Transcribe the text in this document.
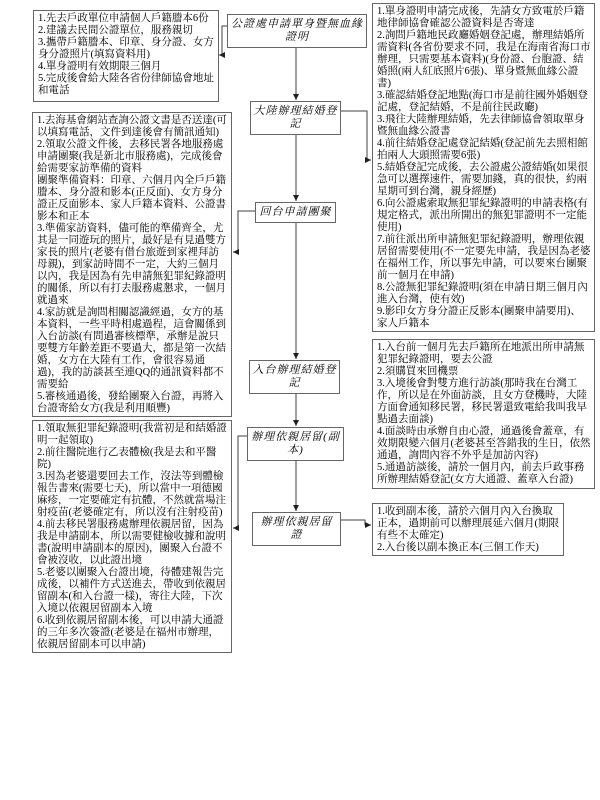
公證處申請單身暨無血緣證明
大陸辦理結婚登記
回台申請團聚
入台辦理結婚登記
辦理依親居留(副本)
辦理依親居留證
1.先去戶政單位申請個人戶籍謄本6份
2.建議去民間公證單位，服務親切
3.攜帶戶籍謄本、印章、身分證、女方身分證照片(填寫資料用)
4.單身證明有效期限三個月
5.完成後會給大陸各省份律師協會地址和電話
1.去海基會網站查詢公證文書是否送達(可以填寫電話，文件到達後會有簡訊通知)
2.領取公證文件後，去移民署各地服務處申請團聚(我是新北市服務處)，完成後會給需要家訪準備的資料
團聚準備資料：印章、六個月內全戶戶籍謄本、身分證和影本(正反面)、女方身分證正反面影本、家人戶籍本資料、公證書影本和正本
3.準備家訪資料，儘可能的準備齊全，尤其是一同遊玩的照片，最好是有見過雙方家長的照片(老婆有借台旅遊到家裡拜訪母親)，到家訪時間不一定，大約三個月以內，我是因為有先申請無犯罪紀錄證明的關係，所以有打去服務處懇求，一個月就過來
4.家訪就是詢問相關認識經過，女方的基本資料，一些平時相處過程，這會關係到入台訪談(有問過審核標準，承辦是說只要雙方年齡差距不要過大，都是第一次結婚，女方在大陸有工作，會很容易通過)，我的訪談甚至連QQ的通訊資料都不需要給
5.審核通過後，發給團聚入台證，再將入台證寄給女方(我是利用順豐)
1.領取無犯罪紀錄證明(我當初是和結婚證明一起領取)
2.前往醫院進行乙表體檢(我是去和平醫院)
3.因為老婆還要回去工作，沒法等到體檢報告書來(需要七天)，所以當中一項德國麻疹，一定要確定有抗體，不然就當場注射疫苗(老婆確定有，所以沒有注射疫苗)
4.前去移民署服務處辦理依親居留，因為我是申請副本，所以需要健檢收據和說明書(說明申請副本的原因)，團聚入台證不會被沒收，以此證出境
5.老婆以團聚入台證出境，待體建報告完成後，以補件方式送進去，帶收到依親居留副本(和入台證一樣)，寄往大陸，下次入境以依親居留副本入境
6.收到依親居留副本後，可以申請大通證的三年多次簽證(老婆是在福州市辦理，依親居留副本可以申請)
1.單身證明申請完成後，先請女方致電於戶籍地律師協會確認公證資料是否寄達
2.詢問戶籍地民政廳婚姻登記處，辦理結婚所需資料(各省份要求不同，我是在海南省海口市辦理，只需要基本資料)(身份證、台胞證、結婚照(兩人紅底照片6張)、單身暨無血緣公證書)
3.確認結婚登記地點(海口市是前往國外婚姻登記處，登記結婚，不是前往民政廳)
3.飛往大陸辦理結婚，先去律師協會領取單身暨無血緣公證書
4.前往結婚登記處登記結婚(登記前先去照相館拍兩人大頭照需要6張)
5.結婚登記完成後，去公證處公證結婚(如果很急可以選擇速件，需要加錢，真的很快，約兩星期可到台灣，親身經歷)
6.向公證處索取無犯罪紀錄證明的申請表格(有規定格式，派出所開出的無犯罪證明不一定能使用)
7.前往派出所申請無犯罪紀錄證明，辦理依親居留需要使用(不一定要先申請，我是因為老婆在福州工作，所以事先申請，可以要來台團聚前一個月在申請)
8.公證無犯罪紀錄證明(須在申請日期三個月內進入台灣，使有效)
9.影印女方身分證正反影本(團聚申請要用)、家人戶籍本
1.入台前一個月先去戶籍所在地派出所申請無犯罪紀錄證明，要去公證
2.須購買來回機票
3.入境後會對雙方進行訪談(那時我在台灣工作，所以是在外面訪談，且女方登機時，大陸方面會通知移民署，移民署還致電給我叫我早點過去面談)
4.面談時由承辦自由心證，通過後會蓋章，有效期限變六個月(老婆甚至答錯我的生日，依然通過，詢問內容不外乎是加訪內容)
5.通過訪談後，請於一個月內，前去戶政事務所辦理結婚登記(女方大通證、蓋章入台證)
1.收到副本後，請於六個月內入台換取正本，過期前可以辦理展延六個月(期限有些不太確定)
2.入台後以副本換正本(三個工作天)
